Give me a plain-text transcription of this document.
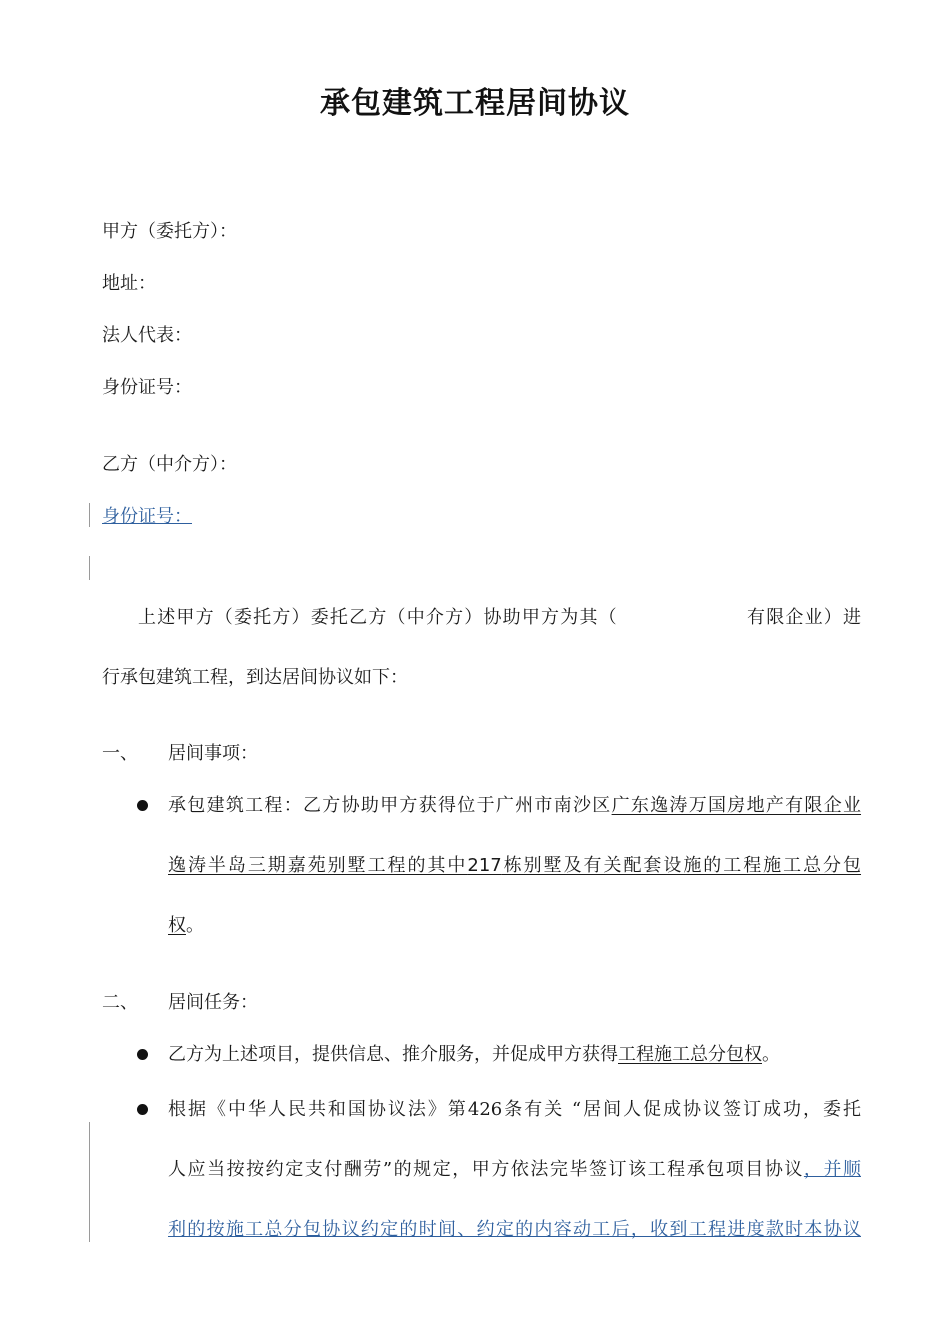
承包建筑工程居间协议
甲方（委托方）：
地址：
法人代表：
身份证号：
乙方（中介方）：
身份证号：
上述甲方（委托方）委托乙方（中介方）协助甲方为其（	有限企业）进
行承包建筑工程，到达居间协议如下：
一、 居间事项：
承包建筑工程：乙方协助甲方获得位于广州市南沙区广东逸涛万国房地产有限企业
逸涛半岛三期嘉苑别墅工程的其中217栋别墅及有关配套设施的工程施工总分包
权。
二、 居间任务：
乙方为上述项目，提供信息、推介服务，并促成甲方获得工程施工总分包权。
根据《中华人民共和国协议法》第426条有关 “居间人促成协议签订成功，委托
人应当按按约定支付酬劳”的规定，甲方依法完毕签订该工程承包项目协议，并顺
利的按施工总分包协议约定的时间、约定的内容动工后，收到工程进度款时本协议
